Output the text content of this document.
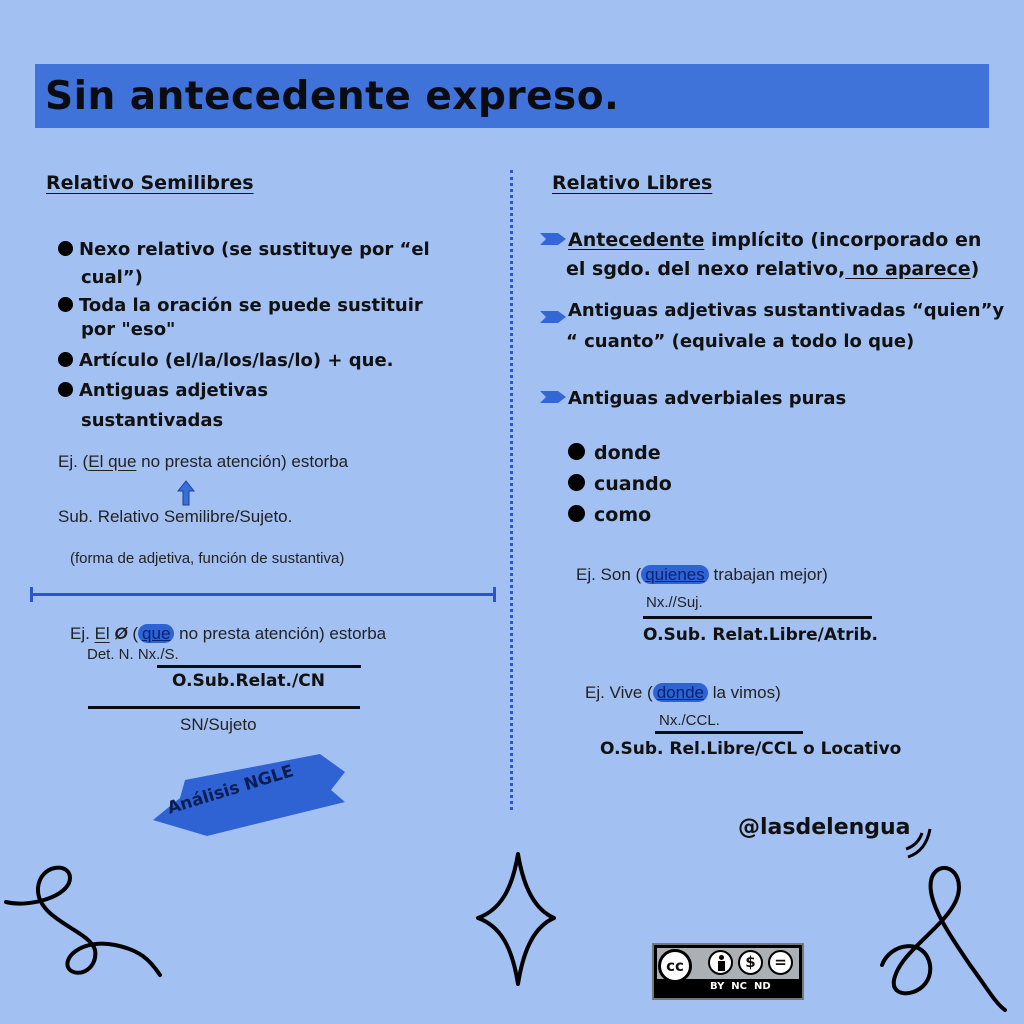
Sin antecedente expreso.
Relativo Semilibres
Nexo relativo (se sustituye por “el
cual”)
Toda la oración se puede sustituir
por "eso"
Artículo (el/la/los/las/lo) + que.
Antiguas adjetivas
sustantivadas
Ej. (El que no presta atención) estorba
Sub. Relativo Semilibre/Sujeto.
(forma de adjetiva, función de sustantiva)
Ej. El Ø ( que no presta atención) estorba
Det. N. Nx./S.
O.Sub.Relat./CN
SN/Sujeto
Análisis NGLE
Relativo Libres
Antecedente implícito (incorporado en
el sgdo. del nexo relativo, no aparece)
Antiguas adjetivas sustantivadas “quien”y
“ cuanto” (equivale a todo lo que)
Antiguas adverbiales puras
donde
cuando
como
Ej. Son ( quienes trabajan mejor)
Nx.//Suj.
O.Sub. Relat.Libre/Atrib.
Ej. Vive ( donde la vimos)
Nx./CCL.
O.Sub. Rel.Libre/CCL o Locativo
@lasdelengua
cc	$	=
BY  NC  ND
